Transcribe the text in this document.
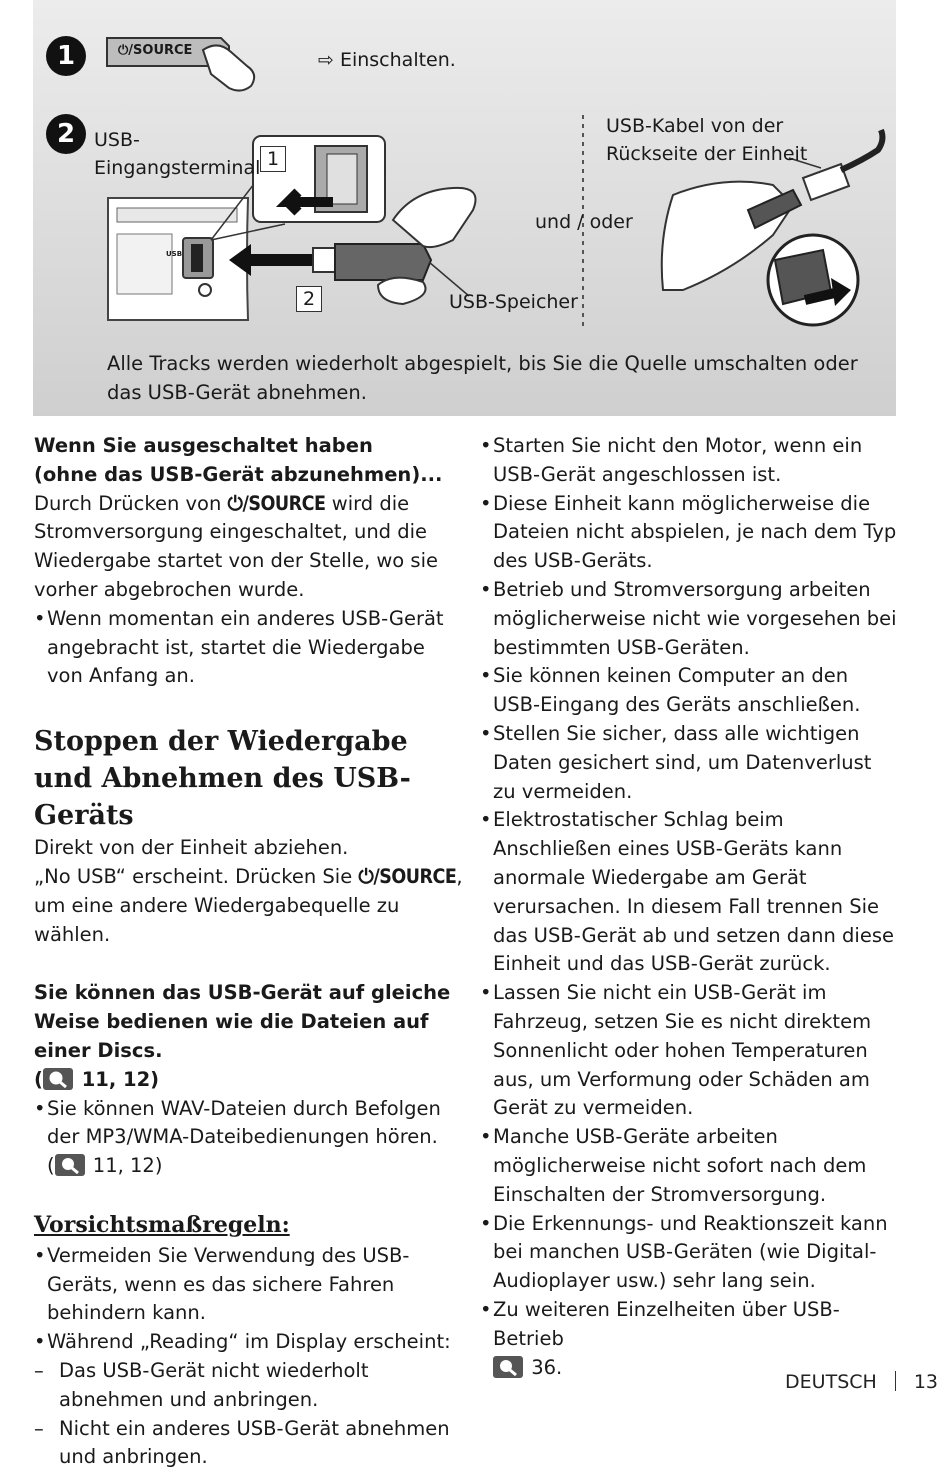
1	⏻/SOURCE	⇨ Einschalten.
2 USB-
Eingangsterminal 1
2
USB
und / oder
USB-Kabel von der
Rückseite der Einheit
USB-Speicher
Alle Tracks werden wiederholt abgespielt, bis Sie die Quelle umschalten oder das USB-Gerät abnehmen.

Wenn Sie ausgeschaltet haben

(ohne das USB-Gerät abzunehmen)...

Durch Drücken von ⏻/SOURCE wird die Stromversorgung eingeschaltet, und die Wiedergabe startet von der Stelle, wo sie vorher abgebrochen wurde.

• Wenn momentan ein anderes USB-Gerät angebracht ist, startet die Wiedergabe von Anfang an.

Stoppen der Wiedergabe und Abnehmen des USB-Geräts

Direkt von der Einheit abziehen.

„No USB“ erscheint. Drücken Sie ⏻/SOURCE, um eine andere Wiedergabequelle zu wählen.

Sie können das USB-Gerät auf gleiche Weise bedienen wie die Dateien auf einer Discs.

(
11, 12)

• Sie können WAV-Dateien durch Befolgen der MP3/WMA-Dateibedienungen hören.

(
11, 12)

Vorsichtsmaßregeln:

• Vermeiden Sie Verwendung des USB-Geräts, wenn es das sichere Fahren behindern kann.

• Während „Reading“ im Display erscheint:

– Das USB-Gerät nicht wiederholt abnehmen und anbringen.

– Nicht ein anderes USB-Gerät abnehmen und anbringen.

• Starten Sie nicht den Motor, wenn ein USB-Gerät angeschlossen ist.

• Diese Einheit kann möglicherweise die Dateien nicht abspielen, je nach dem Typ des USB-Geräts.

• Betrieb und Stromversorgung arbeiten möglicherweise nicht wie vorgesehen bei bestimmten USB-Geräten.

• Sie können keinen Computer an den USB-Eingang des Geräts anschließen.

• Stellen Sie sicher, dass alle wichtigen Daten gesichert sind, um Datenverlust zu vermeiden.

• Elektrostatischer Schlag beim Anschließen eines USB-Geräts kann anormale Wiedergabe am Gerät verursachen. In diesem Fall trennen Sie das USB-Gerät ab und setzen dann diese Einheit und das USB-Gerät zurück.

• Lassen Sie nicht ein USB-Gerät im Fahrzeug, setzen Sie es nicht direktem Sonnenlicht oder hohen Temperaturen aus, um Verformung oder Schäden am Gerät zu vermeiden.

• Manche USB-Geräte arbeiten möglicherweise nicht sofort nach dem Einschalten der Stromversorgung.

• Die Erkennungs- und Reaktionszeit kann bei manchen USB-Geräten (wie Digital-Audioplayer usw.) sehr lang sein.

• Zu weiteren Einzelheiten über USB-Betrieb

36.

DEUTSCH 13
